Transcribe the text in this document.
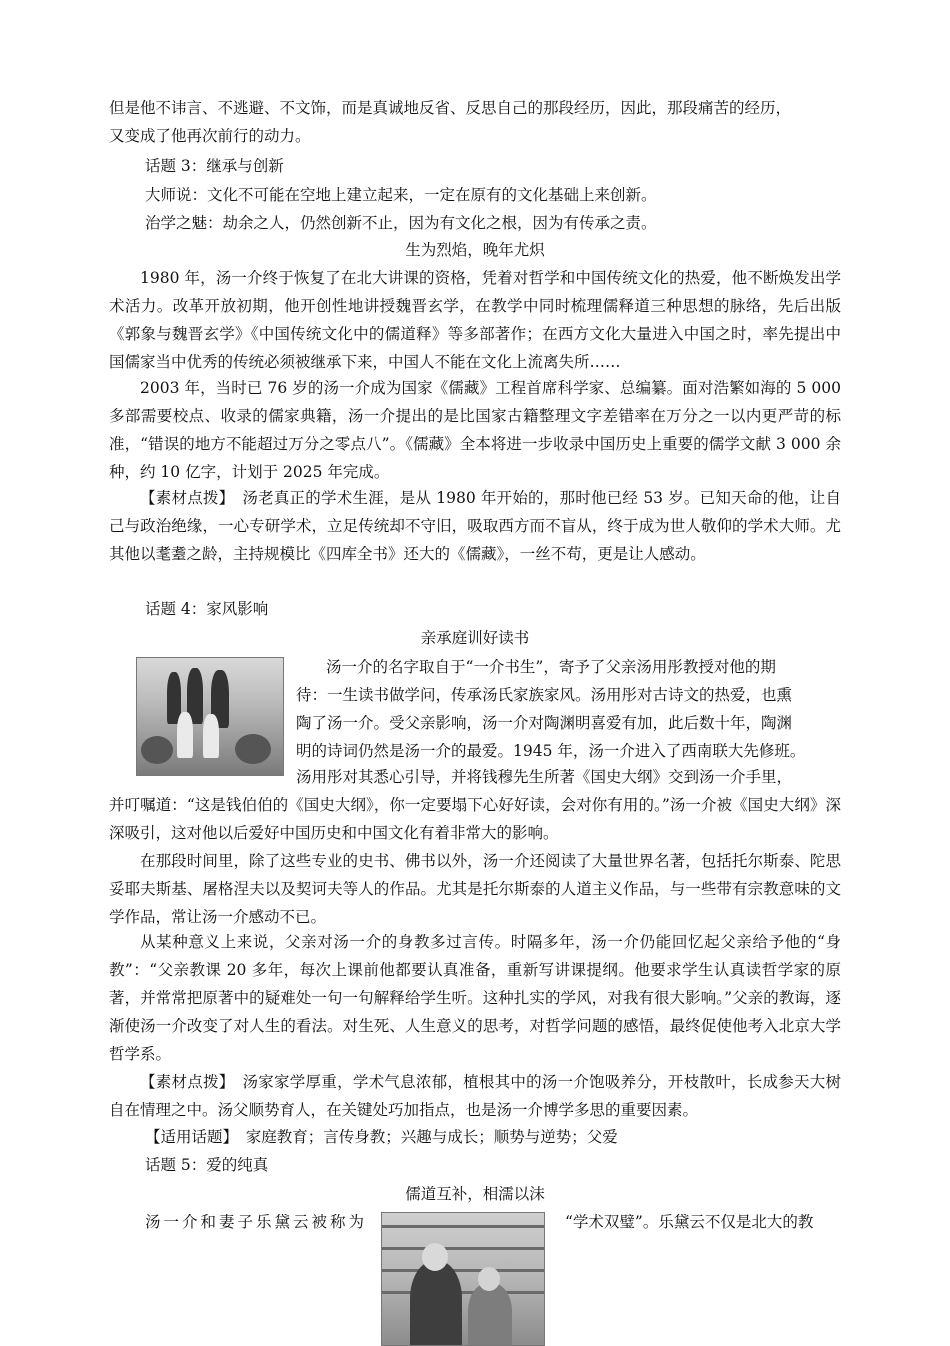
但是他不讳言、不逃避、不文饰，而是真诚地反省、反思自己的那段经历，因此，那段痛苦的经历，
又变成了他再次前行的动力。
话题 3：继承与创新
大师说：文化不可能在空地上建立起来，一定在原有的文化基础上来创新。
治学之魅：劫余之人，仍然创新不止，因为有文化之根，因为有传承之责。
生为烈焰，晚年尤炽
1980 年，汤一介终于恢复了在北大讲课的资格，凭着对哲学和中国传统文化的热爱，他不断焕发出学术活力。改革开放初期，他开创性地讲授魏晋玄学，在教学中同时梳理儒释道三种思想的脉络，先后出版《郭象与魏晋玄学》《中国传统文化中的儒道释》等多部著作；在西方文化大量进入中国之时，率先提出中国儒家当中优秀的传统必须被继承下来，中国人不能在文化上流离失所……
2003 年，当时已 76 岁的汤一介成为国家《儒藏》工程首席科学家、总编纂。面对浩繁如海的 5 000 多部需要校点、收录的儒家典籍，汤一介提出的是比国家古籍整理文字差错率在万分之一以内更严苛的标准，“错误的地方不能超过万分之零点八”。《儒藏》全本将进一步收录中国历史上重要的儒学文献 3 000 余种，约 10 亿字，计划于 2025 年完成。
【素材点拨】　汤老真正的学术生涯，是从 1980 年开始的，那时他已经 53 岁。已知天命的他，让自己与政治绝缘，一心专研学术，立足传统却不守旧，吸取西方而不盲从，终于成为世人敬仰的学术大师。尤其他以耄耋之龄，主持规模比《四库全书》还大的《儒藏》，一丝不苟，更是让人感动。
话题 4：家风影响
亲承庭训好读书
汤一介的名字取自于“一介书生”，寄予了父亲汤用彤教授对他的期
待：一生读书做学问，传承汤氏家族家风。汤用彤对古诗文的热爱，也熏
陶了汤一介。受父亲影响，汤一介对陶渊明喜爱有加，此后数十年，陶渊
明的诗词仍然是汤一介的最爱。1945 年，汤一介进入了西南联大先修班。
汤用彤对其悉心引导，并将钱穆先生所著《国史大纲》交到汤一介手里，
并叮嘱道：“这是钱伯伯的《国史大纲》，你一定要塌下心好好读，会对你有用的。”汤一介被《国史大纲》深深吸引，这对他以后爱好中国历史和中国文化有着非常大的影响。
在那段时间里，除了这些专业的史书、佛书以外，汤一介还阅读了大量世界名著，包括托尔斯泰、陀思妥耶夫斯基、屠格涅夫以及契诃夫等人的作品。尤其是托尔斯泰的人道主义作品，与一些带有宗教意味的文学作品，常让汤一介感动不已。
从某种意义上来说，父亲对汤一介的身教多过言传。时隔多年，汤一介仍能回忆起父亲给予他的“身教”：“父亲教课 20 多年，每次上课前他都要认真准备，重新写讲课提纲。他要求学生认真读哲学家的原著，并常常把原著中的疑难处一句一句解释给学生听。这种扎实的学风，对我有很大影响。”父亲的教诲，逐渐使汤一介改变了对人生的看法。对生死、人生意义的思考，对哲学问题的感悟，最终促使他考入北京大学哲学系。
【素材点拨】　汤家家学厚重，学术气息浓郁，植根其中的汤一介饱吸养分，开枝散叶，长成参天大树自在情理之中。汤父顺势育人，在关键处巧加指点，也是汤一介博学多思的重要因素。
【适用话题】　家庭教育；言传身教；兴趣与成长；顺势与逆势；父爱
话题 5：爱的纯真
儒道互补，相濡以沫
汤一介和妻子乐黛云被称为	“学术双璧”。乐黛云不仅是北大的教
